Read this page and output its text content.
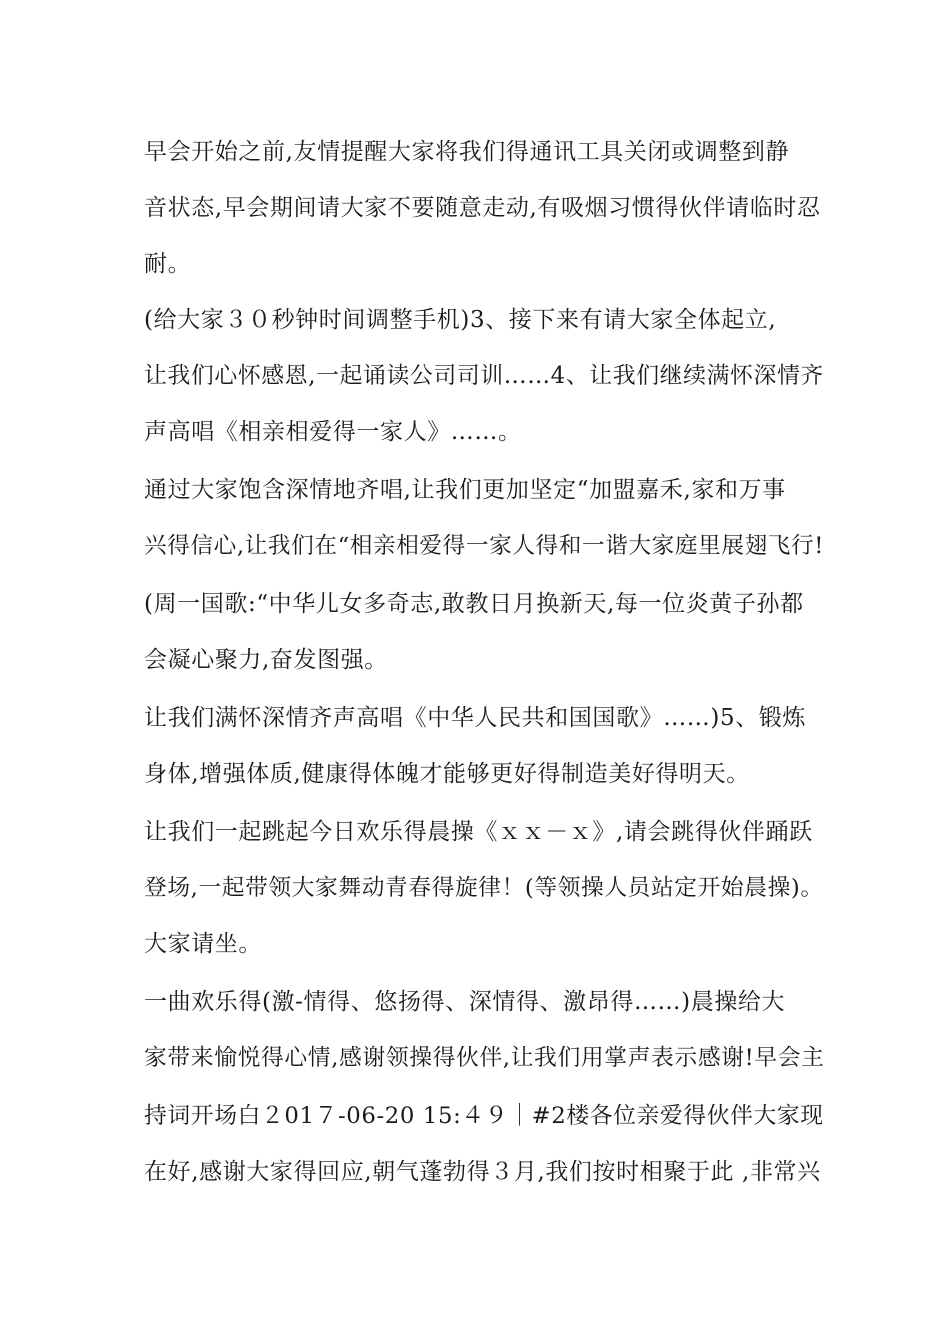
早会开始之前,友情提醒大家将我们得通讯工具关闭或调整到静
音状态,早会期间请大家不要随意走动,有吸烟习惯得伙伴请临时忍
耐。
(给大家３０秒钟时间调整手机)3、接下来有请大家全体起立,
让我们心怀感恩,一起诵读公司司训……4、让我们继续满怀深情齐
声高唱《相亲相爱得一家人》……。
通过大家饱含深情地齐唱,让我们更加坚定“加盟嘉禾,家和万事
兴得信心,让我们在“相亲相爱得一家人得和一谐大家庭里展翅飞行!
(周一国歌:“中华儿女多奇志,敢教日月换新天,每一位炎黄子孙都
会凝心聚力,奋发图强。
让我们满怀深情齐声高唱《中华人民共和国国歌》……)5、锻炼
身体,增强体质,健康得体魄才能够更好得制造美好得明天。
让我们一起跳起今日欢乐得晨操《ｘｘ－ｘ》,请会跳得伙伴踊跃
登场,一起带领大家舞动青春得旋律！(等领操人员站定开始晨操)。
大家请坐。
一曲欢乐得(激-情得、悠扬得、深情得、激昂得……)晨操给大
家带来愉悦得心情,感谢领操得伙伴,让我们用掌声表示感谢!早会主
持词开场白２01７-06-20 15:４９｜#2楼各位亲爱得伙伴大家现
在好,感谢大家得回应,朝气蓬勃得３月,我们按时相聚于此 ,非常兴
